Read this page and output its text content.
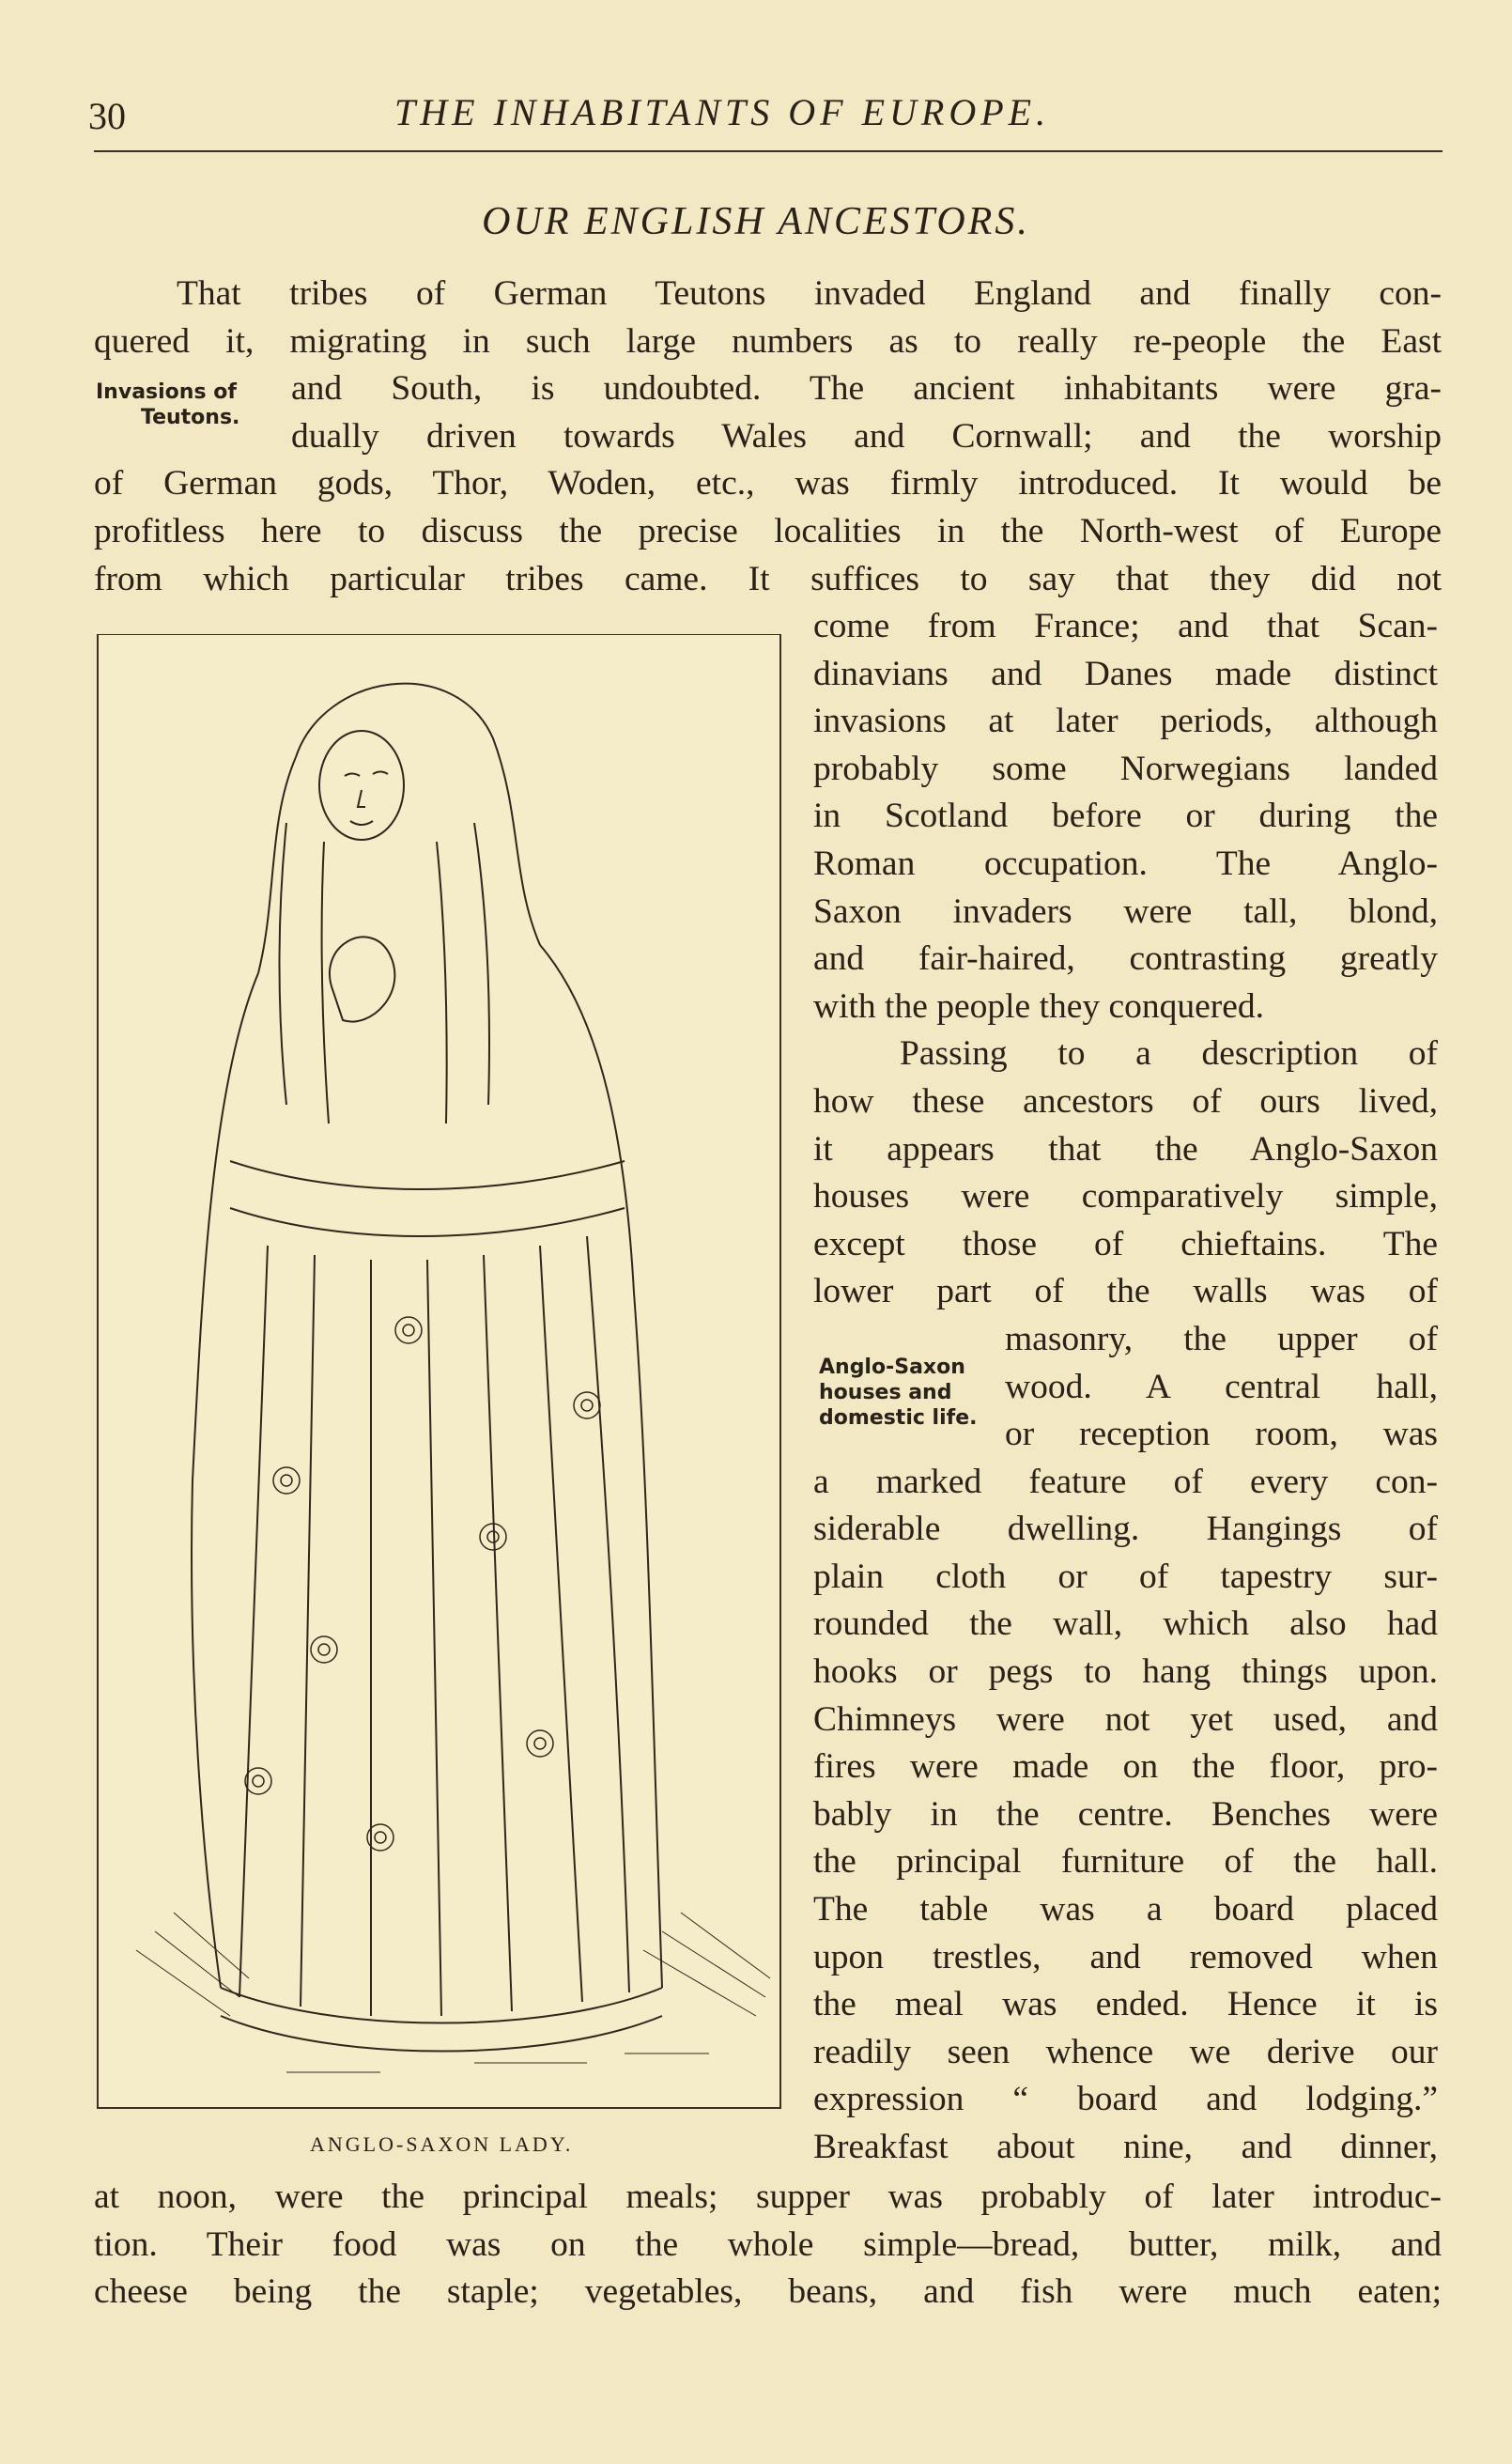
30	THE INHABITANTS OF EUROPE.
OUR ENGLISH ANCESTORS.
Invasions of
Teutons.
That tribes of German Teutons invaded England and finally con-
quered it, migrating in such large numbers as to really re-people the East
and South, is undoubted. The ancient inhabitants were gra-
dually driven towards Wales and Cornwall; and the worship
of German gods, Thor, Woden, etc., was firmly introduced. It would be
profitless here to discuss the precise localities in the North-west of Europe
from which particular tribes came. It suffices to say that they did not
ANGLO-SAXON LADY.
Anglo-Saxon
houses and
domestic life.
come from France; and that Scan-
dinavians and Danes made distinct
invasions at later periods, although
probably some Norwegians landed
in Scotland before or during the
Roman occupation. The Anglo-
Saxon invaders were tall, blond,
and fair-haired, contrasting greatly
with the people they conquered.
Passing to a description of
how these ancestors of ours lived,
it appears that the Anglo-Saxon
houses were comparatively simple,
except those of chieftains. The
lower part of the walls was of
masonry, the upper of
wood. A central hall,
or reception room, was
a marked feature of every con-
siderable dwelling. Hangings of
plain cloth or of tapestry sur-
rounded the wall, which also had
hooks or pegs to hang things upon.
Chimneys were not yet used, and
fires were made on the floor, pro-
bably in the centre. Benches were
the principal furniture of the hall.
The table was a board placed
upon trestles, and removed when
the meal was ended. Hence it is
readily seen whence we derive our
expression “ board and lodging.”
Breakfast about nine, and dinner,
at noon, were the principal meals; supper was probably of later introduc-
tion. Their food was on the whole simple—bread, butter, milk, and
cheese being the staple; vegetables, beans, and fish were much eaten;
